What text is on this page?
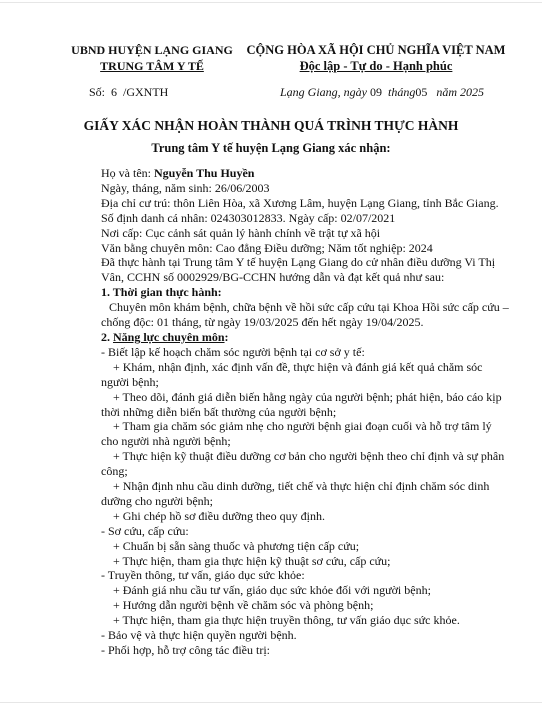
UBND HUYỆN LẠNG GIANG
TRUNG TÂM Y TẾ
CỘNG HÒA XÃ HỘI CHỦ NGHĨA VIỆT NAM
Độc lập - Tự do - Hạnh phúc
Số: 6 /GXNTH	Lạng Giang, ngày 09 tháng05 năm 2025
GIẤY XÁC NHẬN HOÀN THÀNH QUÁ TRÌNH THỰC HÀNH
Trung tâm Y tế huyện Lạng Giang xác nhận:

Họ và tên: Nguyễn Thu Huyền

Ngày, tháng, năm sinh: 26/06/2003

Địa chỉ cư trú: thôn Liên Hòa, xã Xương Lâm, huyện Lạng Giang, tỉnh Bắc Giang.

Số định danh cá nhân: 024303012833. Ngày cấp: 02/07/2021

Nơi cấp: Cục cảnh sát quản lý hành chính về trật tự xã hội

Văn bằng chuyên môn: Cao đẳng Điều dưỡng; Năm tốt nghiệp: 2024

Đã thực hành tại Trung tâm Y tế huyện Lạng Giang do cử nhân điều dưỡng Vi Thị Vân, CCHN số 0002929/BG-CCHN hướng dẫn và đạt kết quả như sau:

1. Thời gian thực hành:

Chuyên môn khám bệnh, chữa bệnh về hồi sức cấp cứu tại Khoa Hồi sức cấp cứu – chống độc: 01 tháng, từ ngày 19/03/2025 đến hết ngày 19/04/2025.

2. Năng lực chuyên môn:

- Biết lập kế hoạch chăm sóc người bệnh tại cơ sở y tế:

+ Khám, nhận định, xác định vấn đề, thực hiện và đánh giá kết quả chăm sóc người bệnh;

+ Theo dõi, đánh giá diễn biến hằng ngày của người bệnh; phát hiện, báo cáo kịp thời những diễn biến bất thường của người bệnh;

+ Tham gia chăm sóc giảm nhẹ cho người bệnh giai đoạn cuối và hỗ trợ tâm lý cho người nhà người bệnh;

+ Thực hiện kỹ thuật điều dưỡng cơ bản cho người bệnh theo chỉ định và sự phân công;

+ Nhận định nhu cầu dinh dưỡng, tiết chế và thực hiện chỉ định chăm sóc dinh dưỡng cho người bệnh;

+ Ghi chép hồ sơ điều dưỡng theo quy định.

- Sơ cứu, cấp cứu:

+ Chuẩn bị sẵn sàng thuốc và phương tiện cấp cứu;

+ Thực hiện, tham gia thực hiện kỹ thuật sơ cứu, cấp cứu;

- Truyền thông, tư vấn, giáo dục sức khỏe:

+ Đánh giá nhu cầu tư vấn, giáo dục sức khỏe đối với người bệnh;

+ Hướng dẫn người bệnh về chăm sóc và phòng bệnh;

+ Thực hiện, tham gia thực hiện truyền thông, tư vấn giáo dục sức khỏe.

- Bảo vệ và thực hiện quyền người bệnh.

- Phối hợp, hỗ trợ công tác điều trị:
